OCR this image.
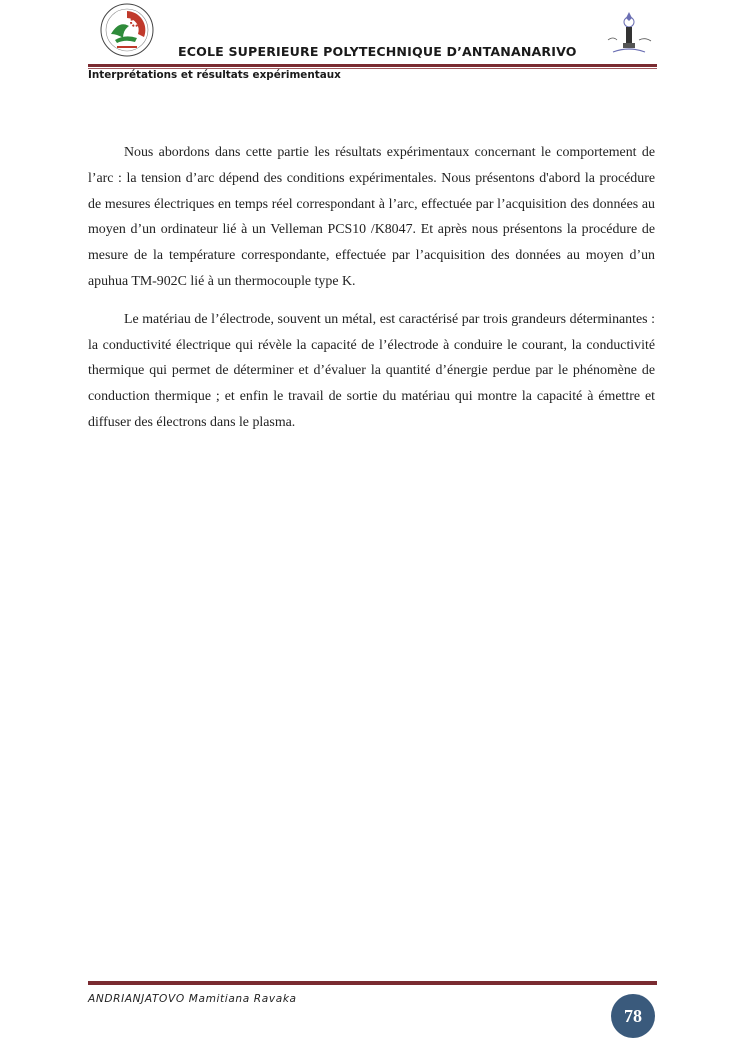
ECOLE SUPERIEURE POLYTECHNIQUE D’ANTANANARIVO
Interprétations et résultats expérimentaux

Nous abordons dans cette partie les résultats expérimentaux concernant le comportement de l’arc : la tension d’arc dépend des conditions expérimentales. Nous présentons d'abord la procédure de mesures électriques en temps réel correspondant à l’arc, effectuée par l’acquisition des données au moyen d’un ordinateur lié à un Velleman PCS10 /K8047. Et après nous présentons la procédure de mesure de la température correspondante, effectuée par l’acquisition des données au moyen d’un apuhua TM-902C lié à un thermocouple type K.

Le matériau de l’électrode, souvent un métal, est caractérisé par trois grandeurs déterminantes : la conductivité électrique qui révèle la capacité de l’électrode à conduire le courant, la conductivité thermique qui permet de déterminer et d’évaluer la quantité d’énergie perdue par le phénomène de conduction thermique ; et enfin le travail de sortie du matériau qui montre la capacité à émettre et diffuser des électrons dans le plasma.

ANDRIANJATOVO Mamitiana Ravaka
78
